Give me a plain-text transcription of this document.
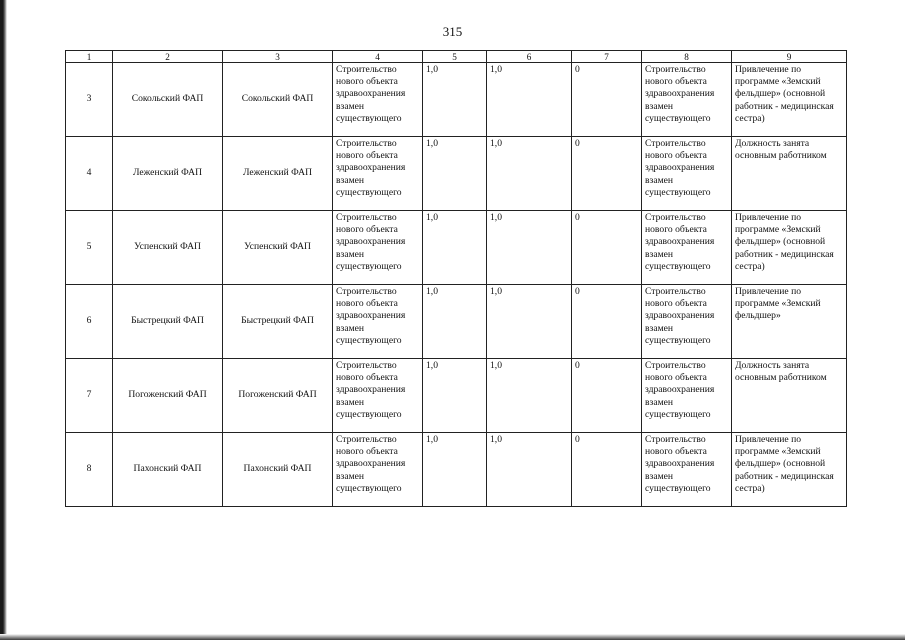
315
1	2	3	4	5	6	7	8	9
3	Сокольский ФАП	Сокольский ФАП	Строительство
нового объекта
здравоохранения
взамен
существующего	1,0	1,0	0	Строительство
нового объекта
здравоохранения
взамен
существующего	Привлечение по
программе «Земский
фельдшер» (основной
работник - медицинская
сестра)
4	Леженский ФАП	Леженский ФАП	Строительство
нового объекта
здравоохранения
взамен
существующего	1,0	1,0	0	Строительство
нового объекта
здравоохранения
взамен
существующего	Должность занята
основным работником
5	Успенский ФАП	Успенский ФАП	Строительство
нового объекта
здравоохранения
взамен
существующего	1,0	1,0	0	Строительство
нового объекта
здравоохранения
взамен
существующего	Привлечение по
программе «Земский
фельдшер» (основной
работник - медицинская
сестра)
6	Быстрецкий ФАП	Быстрецкий ФАП	Строительство
нового объекта
здравоохранения
взамен
существующего	1,0	1,0	0	Строительство
нового объекта
здравоохранения
взамен
существующего	Привлечение по
программе «Земский
фельдшер»
7	Погоженский ФАП	Погоженский ФАП	Строительство
нового объекта
здравоохранения
взамен
существующего	1,0	1,0	0	Строительство
нового объекта
здравоохранения
взамен
существующего	Должность занята
основным работником
8	Пахонский ФАП	Пахонский ФАП	Строительство
нового объекта
здравоохранения
взамен
существующего	1,0	1,0	0	Строительство
нового объекта
здравоохранения
взамен
существующего	Привлечение по
программе «Земский
фельдшер» (основной
работник - медицинская
сестра)
